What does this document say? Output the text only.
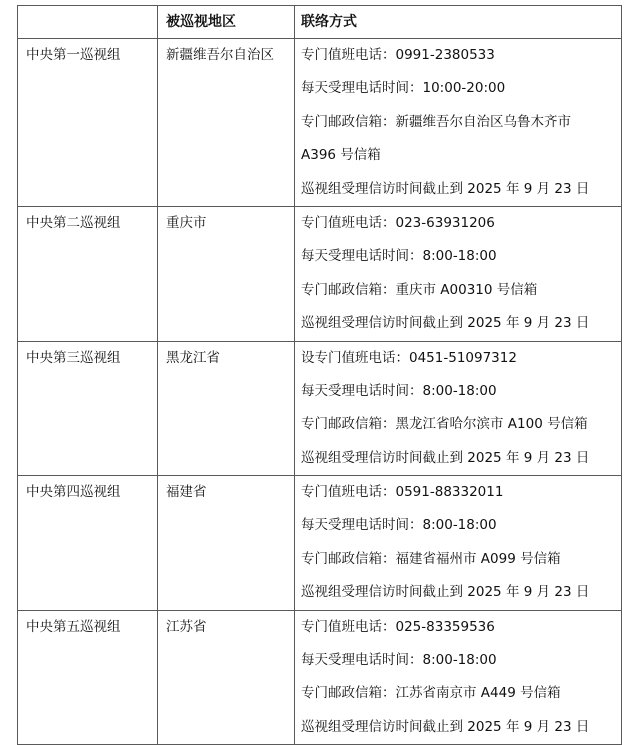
	被巡视地区	联络方式

中央第一巡视组	新疆维吾尔自治区	专门值班电话：0991-2380533
每天受理电话时间：10:00-20:00
专门邮政信箱：新疆维吾尔自治区乌鲁木齐市
A396 号信箱
巡视组受理信访时间截止到 2025 年 9 月 23 日

中央第二巡视组	重庆市	专门值班电话：023-63931206
每天受理电话时间：8:00-18:00
专门邮政信箱：重庆市 A00310 号信箱
巡视组受理信访时间截止到 2025 年 9 月 23 日

中央第三巡视组	黑龙江省	设专门值班电话：0451-51097312
每天受理电话时间：8:00-18:00
专门邮政信箱：黑龙江省哈尔滨市 A100 号信箱
巡视组受理信访时间截止到 2025 年 9 月 23 日

中央第四巡视组	福建省	专门值班电话：0591-88332011
每天受理电话时间：8:00-18:00
专门邮政信箱：福建省福州市 A099 号信箱
巡视组受理信访时间截止到 2025 年 9 月 23 日

中央第五巡视组	江苏省	专门值班电话：025-83359536
每天受理电话时间：8:00-18:00
专门邮政信箱：江苏省南京市 A449 号信箱
巡视组受理信访时间截止到 2025 年 9 月 23 日
